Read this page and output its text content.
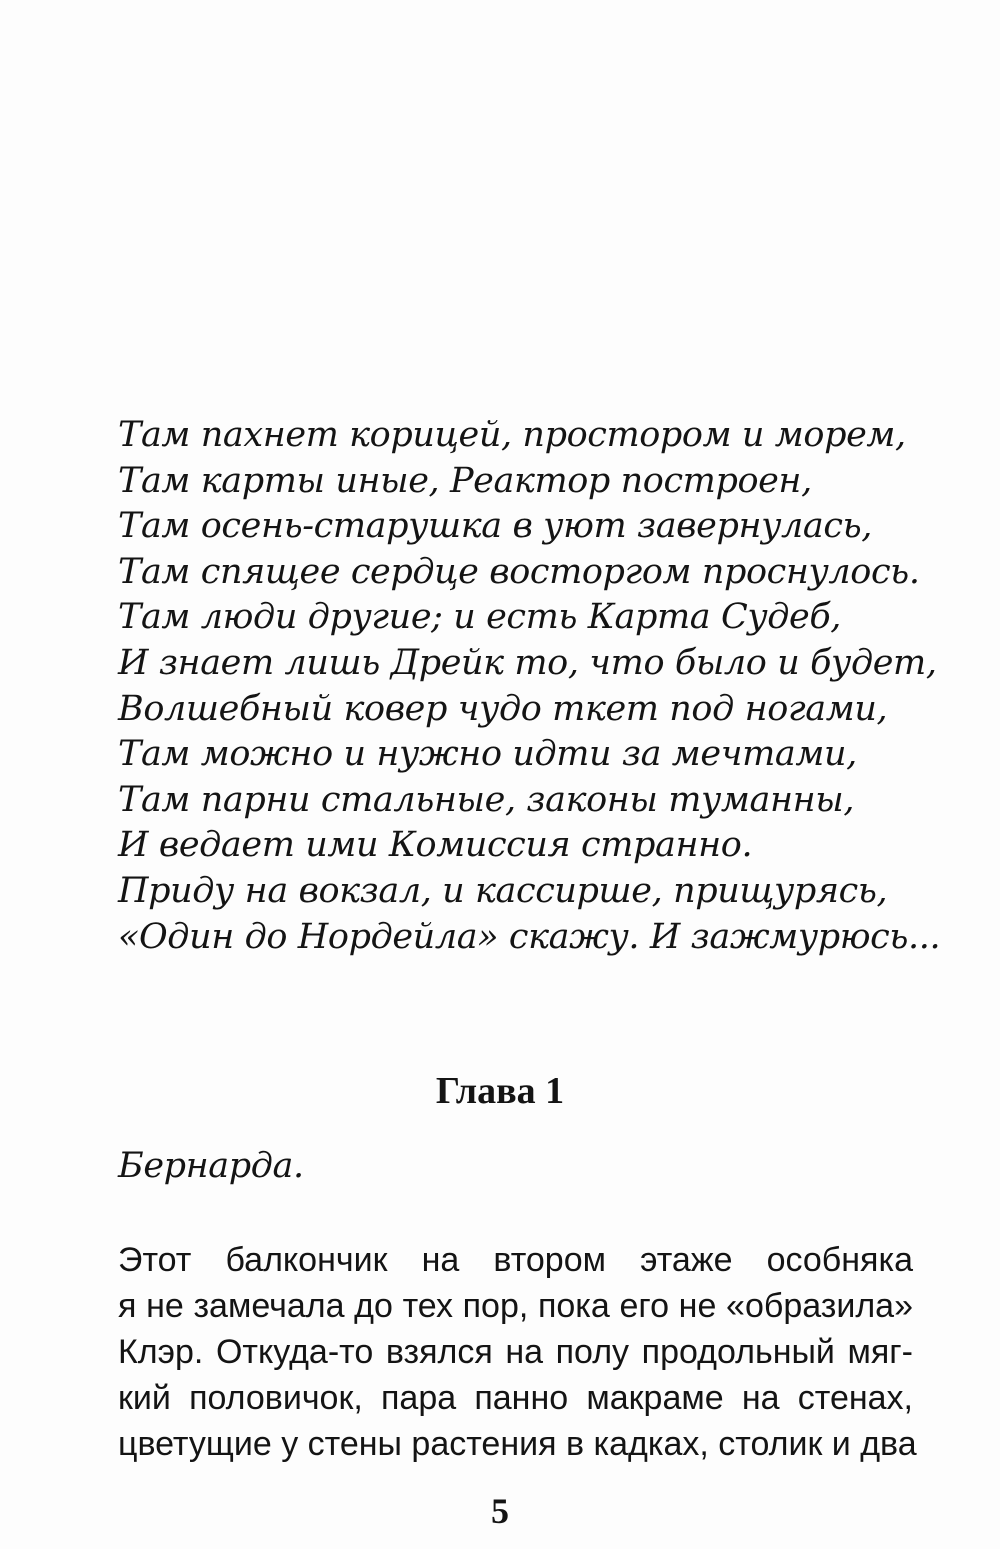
Там пахнет корицей, простором и морем,
Там карты иные, Реактор построен,
Там осень-старушка в уют завернулась,
Там спящее сердце восторгом проснулось.
Там люди другие; и есть Карта Судеб,
И знает лишь Дрейк то, что было и будет,
Волшебный ковер чудо ткет под ногами,
Там можно и нужно идти за мечтами,
Там парни стальные, законы туманны,
И ведает ими Комиссия странно.
Приду на вокзал, и кассирше, прищурясь,
«Один до Нордейла» скажу. И зажмурюсь...
Глава 1
Бернарда.
Этот балкончик на втором этаже особняка
я не замечала до тех пор, пока его не «образила»
Клэр. Откуда-то взялся на полу продольный мяг-
кий половичок, пара панно макраме на стенах,
цветущие у стены растения в кадках, столик и два
5
